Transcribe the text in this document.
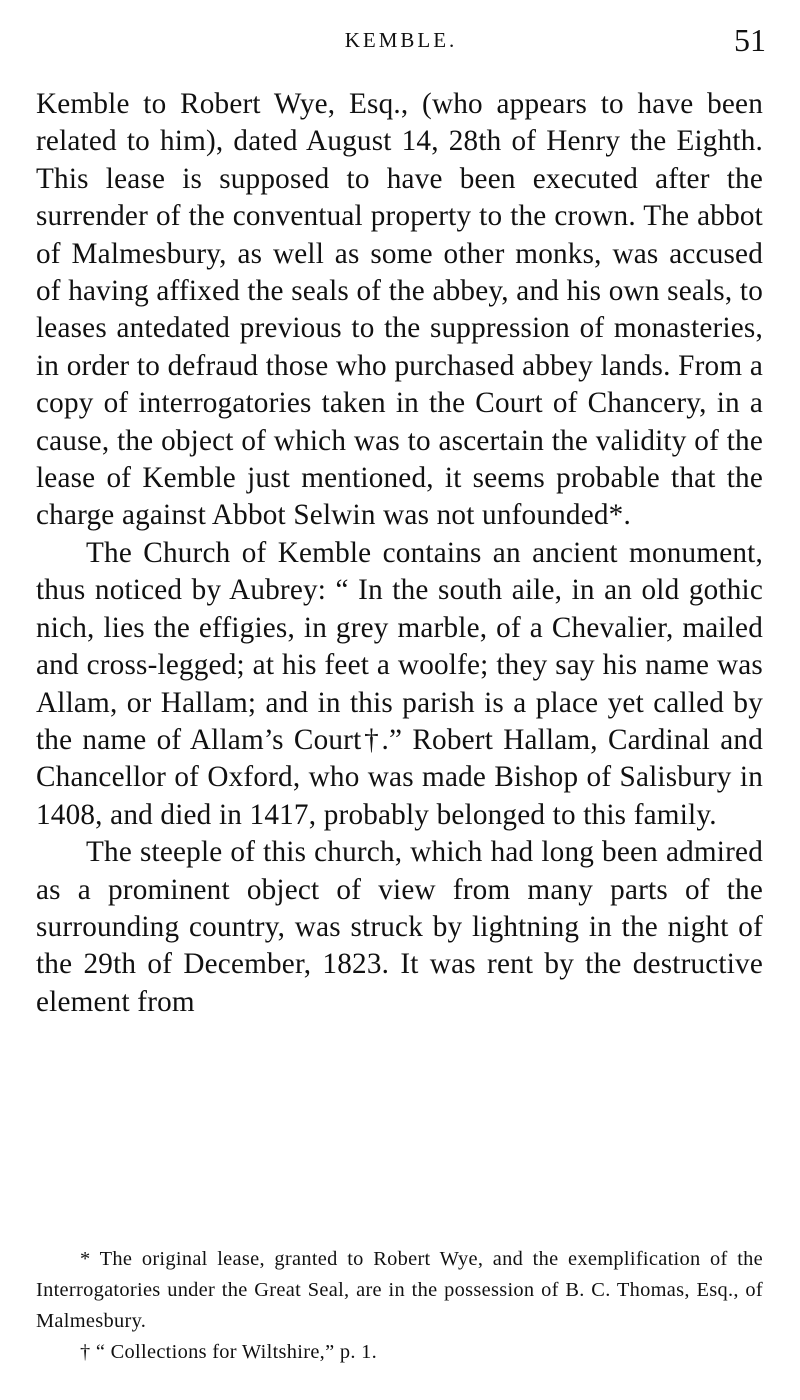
KEMBLE.	51

Kemble to Robert Wye, Esq., (who appears to have been related to him), dated August 14, 28th of Henry the Eighth. This lease is supposed to have been executed after the surrender of the conventual property to the crown. The abbot of Malmesbury, as well as some other monks, was accused of having affixed the seals of the abbey, and his own seals, to leases antedated previous to the suppression of monasteries, in order to defraud those who purchased abbey lands. From a copy of interrogatories taken in the Court of Chancery, in a cause, the object of which was to ascertain the validity of the lease of Kemble just mentioned, it seems probable that the charge against Abbot Selwin was not unfounded*.

The Church of Kemble contains an ancient monument, thus noticed by Aubrey: “ In the south aile, in an old gothic nich, lies the effigies, in grey marble, of a Chevalier, mailed and cross-legged; at his feet a woolfe; they say his name was Allam, or Hallam; and in this parish is a place yet called by the name of Allam’s Court†.” Robert Hallam, Cardinal and Chancellor of Oxford, who was made Bishop of Salisbury in 1408, and died in 1417, probably belonged to this family.

The steeple of this church, which had long been admired as a prominent object of view from many parts of the surrounding country, was struck by lightning in the night of the 29th of December, 1823. It was rent by the destructive element from

* The original lease, granted to Robert Wye, and the exemplification of the Interrogatories under the Great Seal, are in the possession of B. C. Thomas, Esq., of Malmesbury.

† “ Collections for Wiltshire,” p. 1.
